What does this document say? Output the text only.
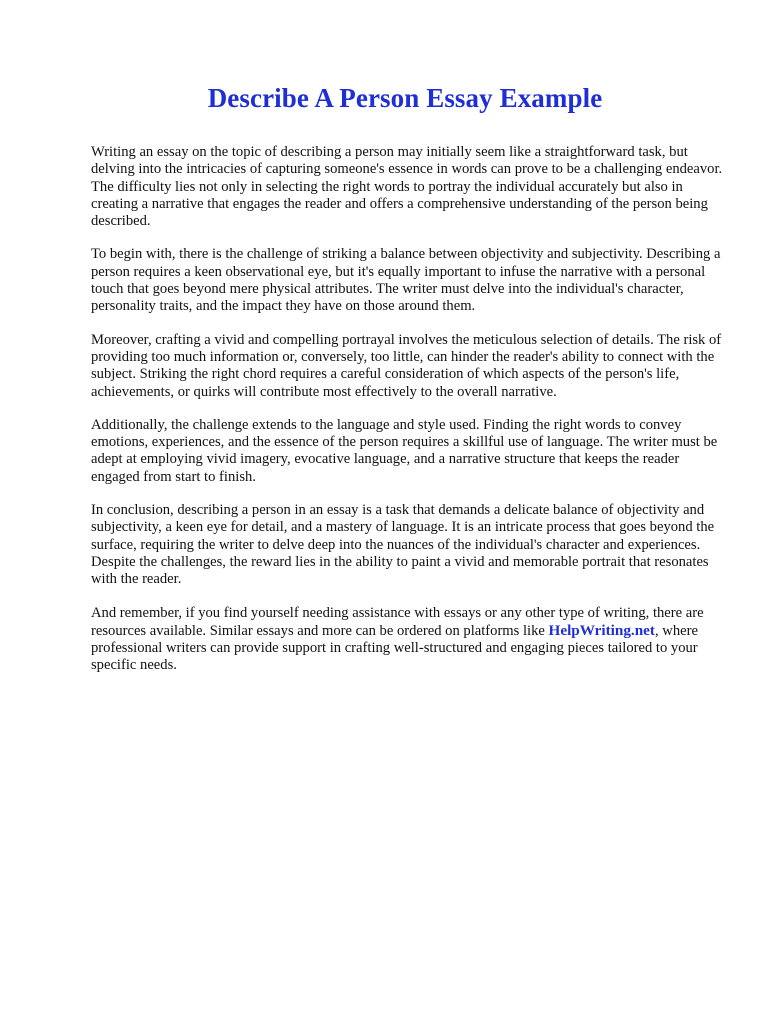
Describe A Person Essay Example

Writing an essay on the topic of describing a person may initially seem like a straightforward task, but delving into the intricacies of capturing someone's essence in words can prove to be a challenging endeavor. The difficulty lies not only in selecting the right words to portray the individual accurately but also in creating a narrative that engages the reader and offers a comprehensive understanding of the person being described.

To begin with, there is the challenge of striking a balance between objectivity and subjectivity. Describing a person requires a keen observational eye, but it's equally important to infuse the narrative with a personal touch that goes beyond mere physical attributes. The writer must delve into the individual's character, personality traits, and the impact they have on those around them.

Moreover, crafting a vivid and compelling portrayal involves the meticulous selection of details. The risk of providing too much information or, conversely, too little, can hinder the reader's ability to connect with the subject. Striking the right chord requires a careful consideration of which aspects of the person's life, achievements, or quirks will contribute most effectively to the overall narrative.

Additionally, the challenge extends to the language and style used. Finding the right words to convey emotions, experiences, and the essence of the person requires a skillful use of language. The writer must be adept at employing vivid imagery, evocative language, and a narrative structure that keeps the reader engaged from start to finish.

In conclusion, describing a person in an essay is a task that demands a delicate balance of objectivity and subjectivity, a keen eye for detail, and a mastery of language. It is an intricate process that goes beyond the surface, requiring the writer to delve deep into the nuances of the individual's character and experiences. Despite the challenges, the reward lies in the ability to paint a vivid and memorable portrait that resonates with the reader.

And remember, if you find yourself needing assistance with essays or any other type of writing, there are resources available. Similar essays and more can be ordered on platforms like HelpWriting.net, where professional writers can provide support in crafting well-structured and engaging pieces tailored to your specific needs.
